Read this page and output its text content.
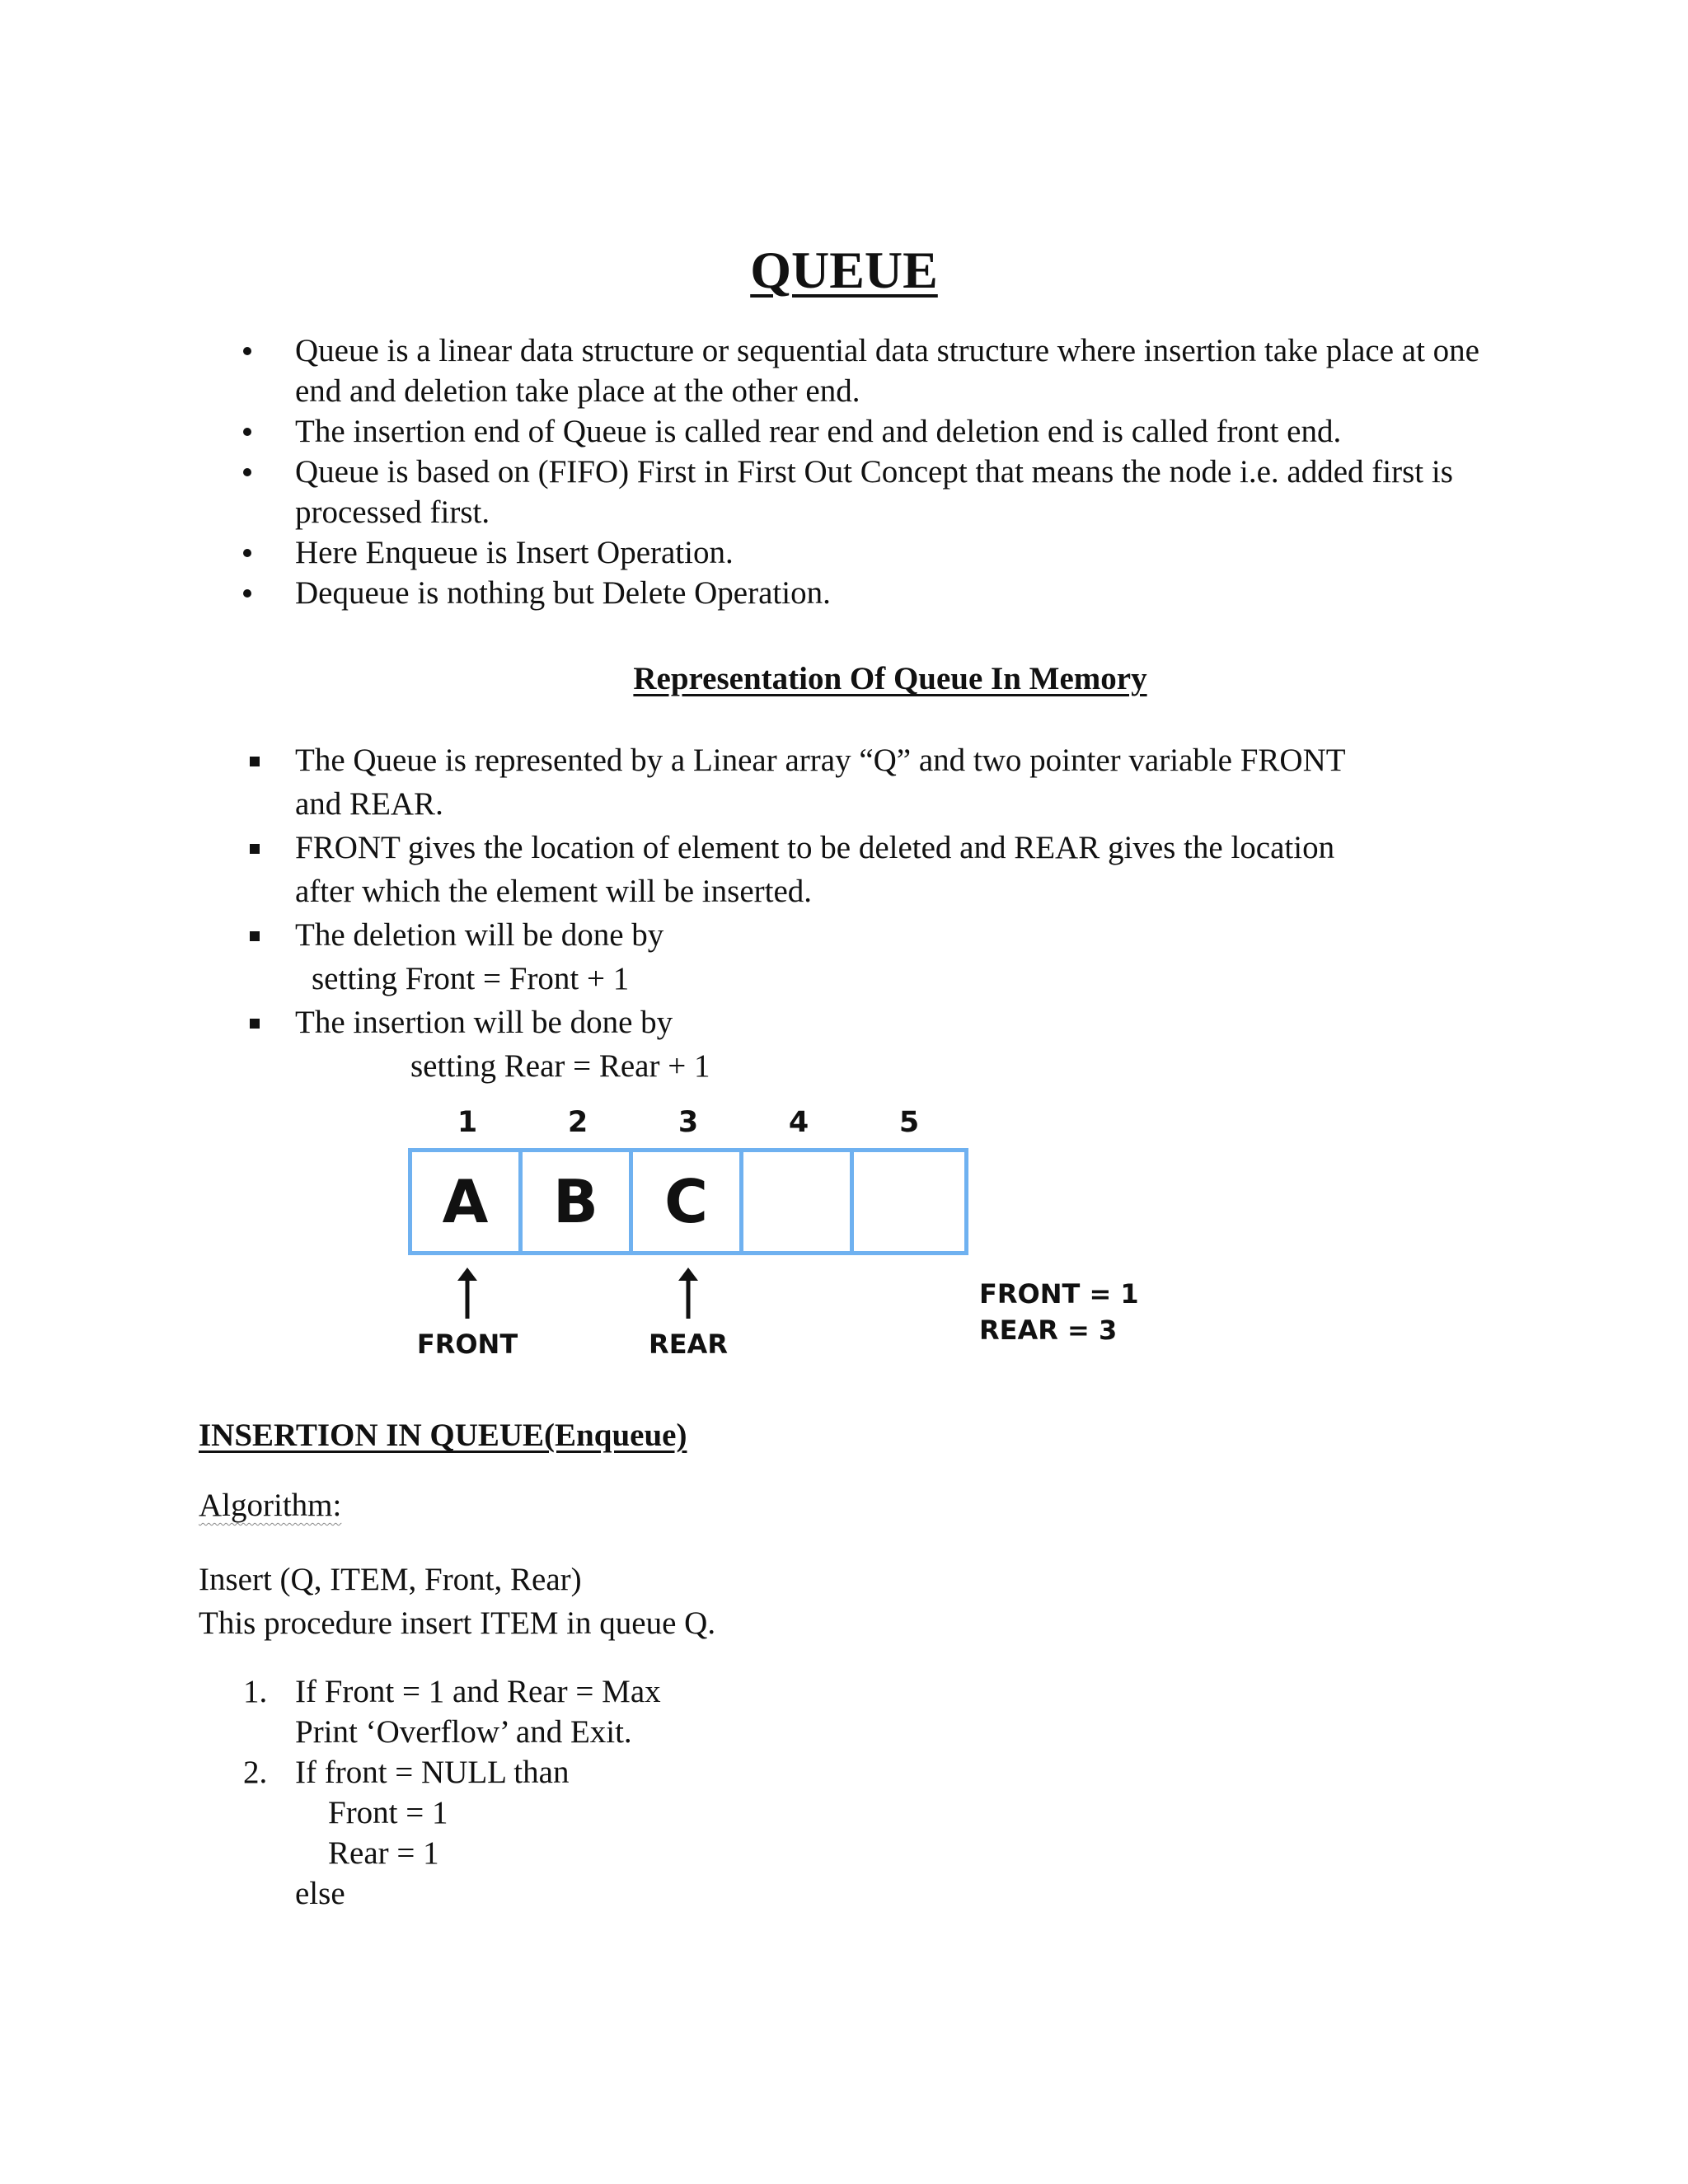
QUEUE
Queue is a linear data structure or sequential data structure where insertion take place at one end and deletion take place at the other end.
The insertion end of Queue is called rear end and deletion end is called front end.
Queue is based on (FIFO) First in First Out Concept that means the node i.e. added first is processed first.
Here Enqueue is Insert Operation.
Dequeue is nothing but Delete Operation.
Representation Of Queue In Memory
The Queue is represented by a Linear array “Q” and two pointer variable FRONT and REAR.
FRONT gives the location of element to be deleted and REAR gives the location after which the element will be inserted.
The deletion will be done by
setting Front = Front + 1
The insertion will be done by
setting Rear = Rear + 1
1	2	3	4	5
A	B	C
FRONT	REAR
FRONT = 1
REAR = 3
INSERTION IN QUEUE(Enqueue)
Algorithm:
Insert (Q, ITEM, Front, Rear)
This procedure insert ITEM in queue Q.
1. If Front = 1 and Rear = Max
Print ‘Overflow’ and Exit.
2. If front = NULL than
Front = 1
Rear = 1
else
